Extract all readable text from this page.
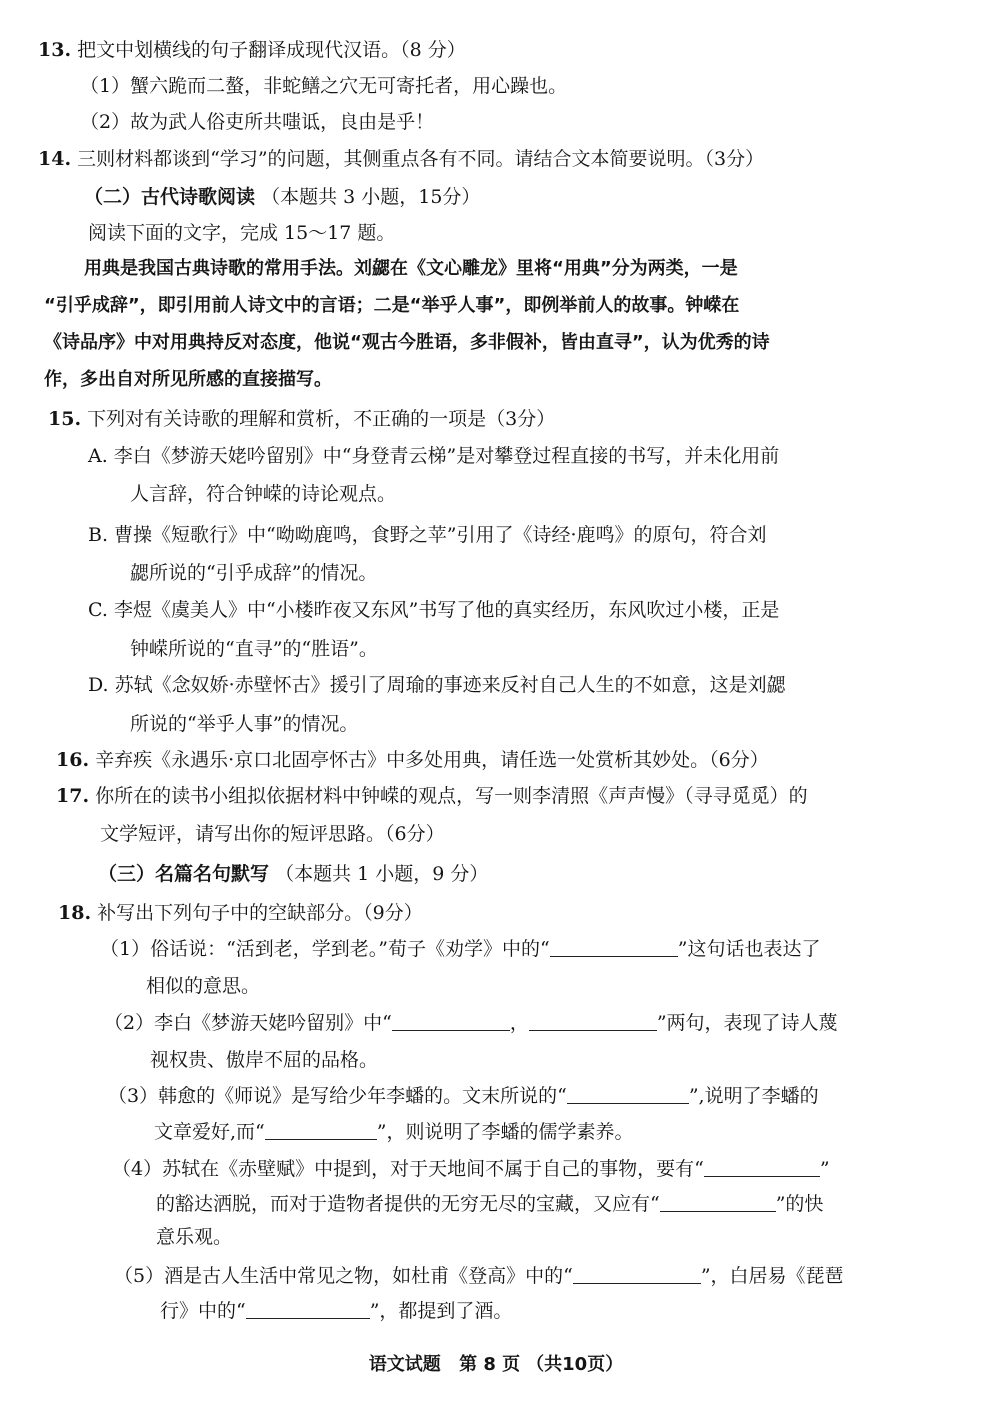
13. 把文中划横线的句子翻译成现代汉语。（8 分）
（1）蟹六跪而二螯，非蛇鳝之穴无可寄托者，用心躁也。
（2）故为武人俗吏所共嗤诋，良由是乎！
14. 三则材料都谈到“学习”的问题，其侧重点各有不同。请结合文本简要说明。（3分）
（二）古代诗歌阅读 （本题共 3 小题，15分）
阅读下面的文字，完成 15～17 题。
用典是我国古典诗歌的常用手法。刘勰在《文心雕龙》里将“用典”分为两类，一是
“引乎成辞”，即引用前人诗文中的言语；二是“举乎人事”，即例举前人的故事。钟嵘在
《诗品序》中对用典持反对态度，他说“观古今胜语，多非假补，皆由直寻”，认为优秀的诗
作，多出自对所见所感的直接描写。
15. 下列对有关诗歌的理解和赏析，不正确的一项是（3分）
A. 李白《梦游天姥吟留别》中“身登青云梯”是对攀登过程直接的书写，并未化用前
人言辞，符合钟嵘的诗论观点。
B. 曹操《短歌行》中“呦呦鹿鸣，食野之苹”引用了《诗经·鹿鸣》的原句，符合刘
勰所说的“引乎成辞”的情况。
C. 李煜《虞美人》中“小楼昨夜又东风”书写了他的真实经历，东风吹过小楼，正是
钟嵘所说的“直寻”的“胜语”。
D. 苏轼《念奴娇·赤壁怀古》援引了周瑜的事迹来反衬自己人生的不如意，这是刘勰
所说的“举乎人事”的情况。
16. 辛弃疾《永遇乐·京口北固亭怀古》中多处用典，请任选一处赏析其妙处。（6分）
17. 你所在的读书小组拟依据材料中钟嵘的观点，写一则李清照《声声慢》（寻寻觅觅）的
文学短评，请写出你的短评思路。（6分）
（三）名篇名句默写 （本题共 1 小题，9 分）
18. 补写出下列句子中的空缺部分。（9分）
（1）俗话说：“活到老，学到老。”荀子《劝学》中的“	”这句话也表达了
相似的意思。
（2）李白《梦游天姥吟留别》中“	，	”两句，表现了诗人蔑
视权贵、傲岸不屈的品格。
（3）韩愈的《师说》是写给少年李蟠的。文末所说的“	”,说明了李蟠的
文章爱好,而“	”，则说明了李蟠的儒学素养。
（4）苏轼在《赤壁赋》中提到，对于天地间不属于自己的事物，要有“	”
的豁达洒脱，而对于造物者提供的无穷无尽的宝藏，又应有“	”的快
意乐观。
（5）酒是古人生活中常见之物，如杜甫《登高》中的“	”，白居易《琵琶
行》中的“	”，都提到了酒。
语文试题 第 8 页 （共10页）
